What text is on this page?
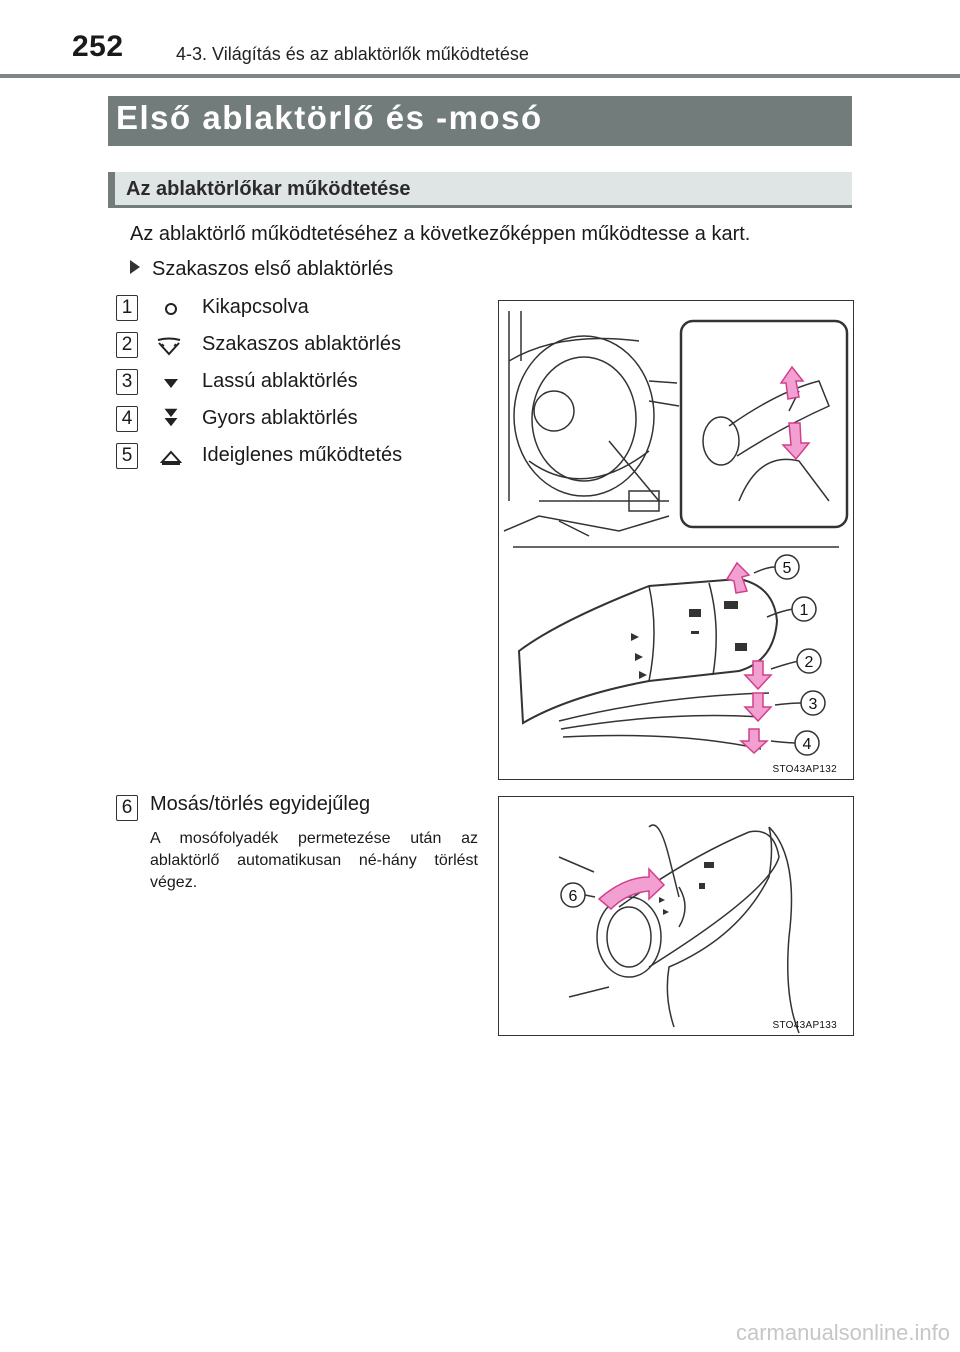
252	4-3. Világítás és az ablaktörlők működtetése
Első ablaktörlő és -mosó
Az ablaktörlőkar működtetése
Az ablaktörlő működtetéséhez a következőképpen működtesse a kart.
Szakaszos első ablaktörlés
1	Kikapcsolva
2	Szakaszos ablaktörlés
3	Lassú ablaktörlés
4	Gyors ablaktörlés
5	Ideiglenes működtetés
5
1
2
3
4
STO43AP132
6 Mosás/törlés egyidejűleg
A mosófolyadék permetezése után az ablaktörlő automatikusan né-hány törlést végez.
6
STO43AP133
carmanualsonline.info
